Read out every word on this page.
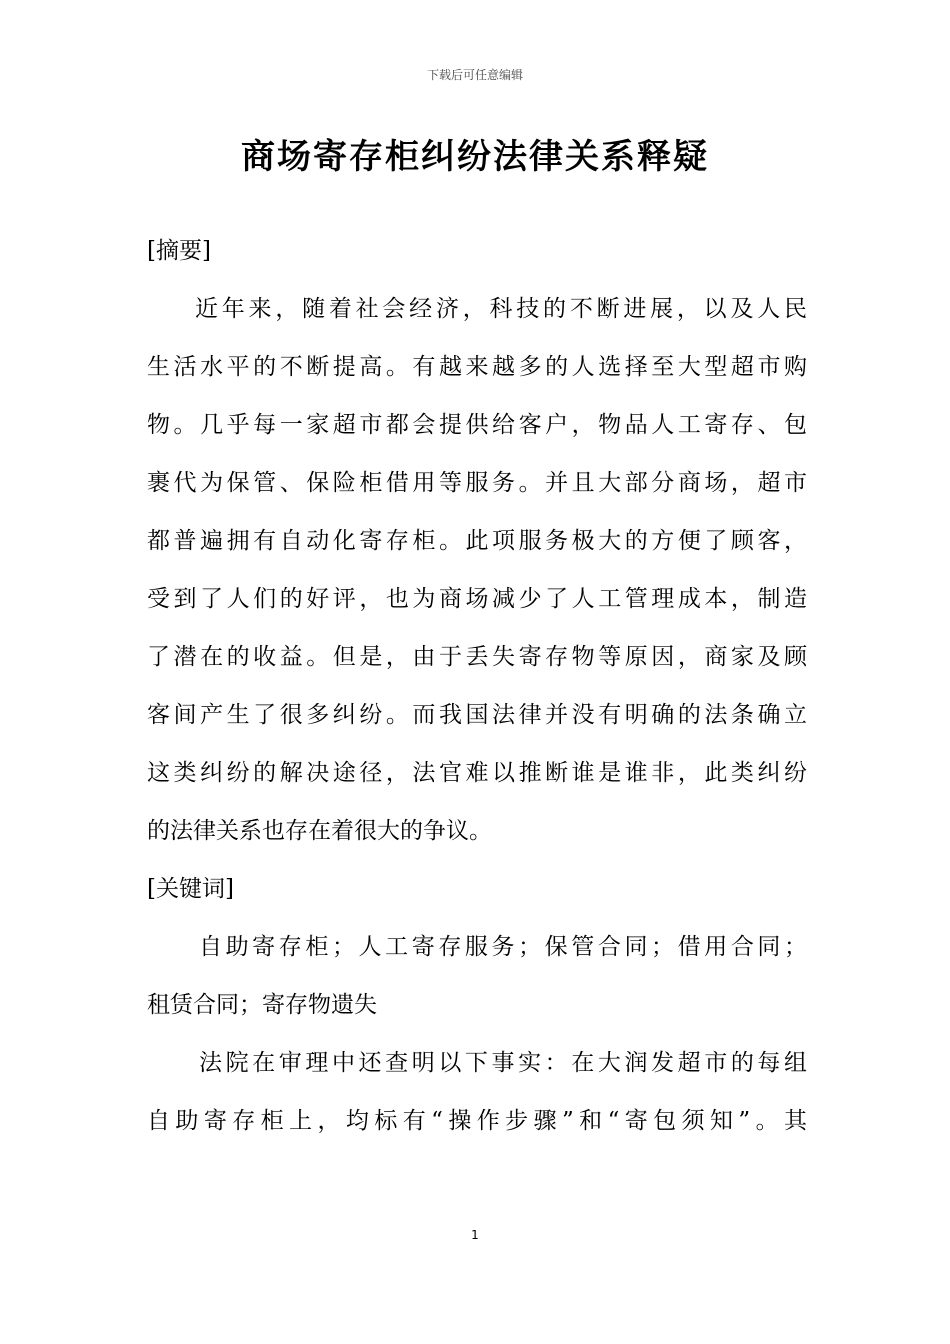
下载后可任意编辑
商场寄存柜纠纷法律关系释疑
[摘要]
近年来，随着社会经济，科技的不断进展，以及人民
生活水平的不断提高。有越来越多的人选择至大型超市购
物。几乎每一家超市都会提供给客户，物品人工寄存、包
裹代为保管、保险柜借用等服务。并且大部分商场，超市
都普遍拥有自动化寄存柜。此项服务极大的方便了顾客，
受到了人们的好评，也为商场减少了人工管理成本，制造
了潜在的收益。但是，由于丢失寄存物等原因，商家及顾
客间产生了很多纠纷。而我国法律并没有明确的法条确立
这类纠纷的解决途径，法官难以推断谁是谁非，此类纠纷
的法律关系也存在着很大的争议。
[关键词]
自助寄存柜；人工寄存服务；保管合同；借用合同；
租赁合同；寄存物遗失
法院在审理中还查明以下事实：在大润发超市的每组
自助寄存柜上，均标有“操作步骤”和“寄包须知”。其
1
